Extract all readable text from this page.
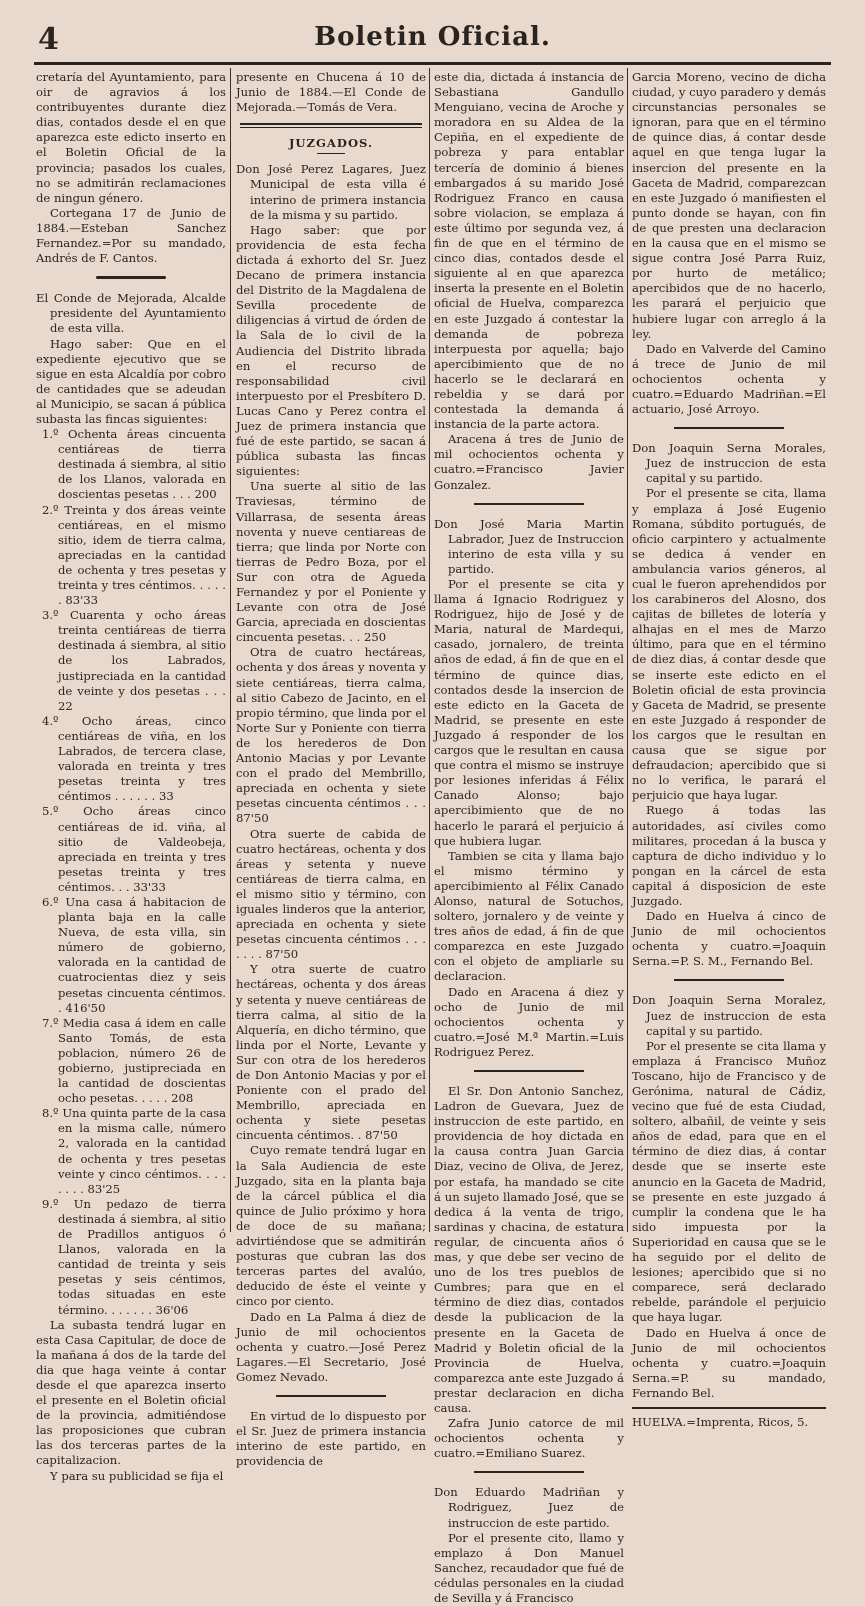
4	Boletin Oficial.

cretaría del Ayuntamiento, para oir de agravios á los contribuyentes durante diez dias, contados desde el en que aparezca este edicto inserto en el Boletin Oficial de la provincia; pasados los cuales, no se admitirán reclamaciones de ningun género.

Cortegana 17 de Junio de 1884.—Esteban Sanchez Fernandez.=Por su mandado, Andrés de F. Cantos.

El Conde de Mejorada, Alcalde presidente del Ayuntamiento de esta villa.

Hago saber: Que en el expediente ejecutivo que se sigue en esta Alcaldía por cobro de cantidades que se adeudan al Municipio, se sacan á pública subasta las fincas siguientes:

1.º Ochenta áreas cincuenta centiáreas de tierra destinada á siembra, al sitio de los Llanos, valorada en doscientas pesetas . . . 200

2.º Treinta y dos áreas veinte centiáreas, en el mismo sitio, idem de tierra calma, apreciadas en la cantidad de ochenta y tres pesetas y treinta y tres céntimos. . . . . . 83'33

3.º Cuarenta y ocho áreas treinta centiáreas de tierra destinada á siembra, al sitio de los Labrados, justipreciada en la cantidad de veinte y dos pesetas . . . 22

4.º Ocho áreas, cinco centiáreas de viña, en los Labrados, de tercera clase, valorada en treinta y tres pesetas treinta y tres céntimos . . . . . . 33

5.º Ocho áreas cinco centiáreas de id. viña, al sitio de Valdeobeja, apreciada en treinta y tres pesetas treinta y tres céntimos. . . 33'33

6.º Una casa á habitacion de planta baja en la calle Nueva, de esta villa, sin número de gobierno, valorada en la cantidad de cuatrocientas diez y seis pesetas cincuenta céntimos. . 416'50

7.º Media casa á idem en calle Santo Tomás, de esta poblacion, número 26 de gobierno, justipreciada en la cantidad de doscientas ocho pesetas. . . . . 208

8.º Una quinta parte de la casa en la misma calle, número 2, valorada en la cantidad de ochenta y tres pesetas veinte y cinco céntimos. . . . . . . . 83'25

9.º Un pedazo de tierra destinada á siembra, al sitio de Pradillos antiguos ó Llanos, valorada en la cantidad de treinta y seis pesetas y seis céntimos, todas situadas en este término. . . . . . . 36'06

La subasta tendrá lugar en esta Casa Capitular, de doce de la mañana á dos de la tarde del dia que haga veinte á contar desde el que aparezca inserto el presente en el Boletin oficial de la provincia, admitiéndose las proposiciones que cubran las dos terceras partes de la capitalizacion.

Y para su publicidad se fija el

presente en Chucena á 10 de Junio de 1884.—El Conde de Mejorada.—Tomás de Vera.

JUZGADOS.

Don José Perez Lagares, Juez Municipal de esta villa é interino de primera instancia de la misma y su partido.

Hago saber: que por providencia de esta fecha dictada á exhorto del Sr. Juez Decano de primera instancia del Distrito de la Magdalena de Sevilla procedente de diligencias á virtud de órden de la Sala de lo civil de la Audiencia del Distrito librada en el recurso de responsabilidad civil interpuesto por el Presbítero D. Lucas Cano y Perez contra el Juez de primera instancia que fué de este partido, se sacan á pública subasta las fincas siguientes:

Una suerte al sitio de las Traviesas, término de Villarrasa, de sesenta áreas noventa y nueve centiareas de tierra; que linda por Norte con tierras de Pedro Boza, por el Sur con otra de Agueda Fernandez y por el Poniente y Levante con otra de José Garcia, apreciada en doscientas cincuenta pesetas. . . 250

Otra de cuatro hectáreas, ochenta y dos áreas y noventa y siete centiáreas, tierra calma, al sitio Cabezo de Jacinto, en el propio término, que linda por el Norte Sur y Poniente con tierra de los herederos de Don Antonio Macias y por Levante con el prado del Membrillo, apreciada en ochenta y siete pesetas cincuenta céntimos . . . 87'50

Otra suerte de cabida de cuatro hectáreas, ochenta y dos áreas y setenta y nueve centiáreas de tierra calma, en el mismo sitio y término, con iguales linderos que la anterior, apreciada en ochenta y siete pesetas cincuenta céntimos . . . . . . . 87'50

Y otra suerte de cuatro hectáreas, ochenta y dos áreas y setenta y nueve centiáreas de tierra calma, al sitio de la Alquería, en dicho término, que linda por el Norte, Levante y Sur con otra de los herederos de Don Antonio Macias y por el Poniente con el prado del Membrillo, apreciada en ochenta y siete pesetas cincuenta céntimos. . 87'50

Cuyo remate tendrá lugar en la Sala Audiencia de este Juzgado, sita en la planta baja de la cárcel pública el dia quince de Julio próximo y hora de doce de su mañana; advirtiéndose que se admitirán posturas que cubran las dos terceras partes del avalúo, deducido de éste el veinte y cinco por ciento.

Dado en La Palma á diez de Junio de mil ochocientos ochenta y cuatro.—José Perez Lagares.—El Secretario, José Gomez Nevado.

En virtud de lo dispuesto por el Sr. Juez de primera instancia interino de este partido, en providencia de

este dia, dictada á instancia de Sebastiana Gandullo Menguiano, vecina de Aroche y moradora en su Aldea de la Cepiña, en el expediente de pobreza y para entablar tercería de dominio á bienes embargados á su marido José Rodriguez Franco en causa sobre violacion, se emplaza á este último por segunda vez, á fin de que en el término de cinco dias, contados desde el siguiente al en que aparezca inserta la presente en el Boletin oficial de Huelva, comparezca en este Juzgado á contestar la demanda de pobreza interpuesta por aquella; bajo apercibimiento que de no hacerlo se le declarará en rebeldia y se dará por contestada la demanda á instancia de la parte actora.

Aracena á tres de Junio de mil ochocientos ochenta y cuatro.=Francisco Javier Gonzalez.

Don José Maria Martin Labrador, Juez de Instruccion interino de esta villa y su partido.

Por el presente se cita y llama á Ignacio Rodriguez y Rodriguez, hijo de José y de Maria, natural de Mardequi, casado, jornalero, de treinta años de edad, á fin de que en el término de quince dias, contados desde la insercion de este edicto en la Gaceta de Madrid, se presente en este Juzgado á responder de los cargos que le resultan en causa que contra el mismo se instruye por lesiones inferidas á Félix Canado Alonso; bajo apercibimiento que de no hacerlo le parará el perjuicio á que hubiera lugar.

Tambien se cita y llama bajo el mismo término y apercibimiento al Félix Canado Alonso, natural de Sotuchos, soltero, jornalero y de veinte y tres años de edad, á fin de que comparezca en este Juzgado con el objeto de ampliarle su declaracion.

Dado en Aracena á diez y ocho de Junio de mil ochocientos ochenta y cuatro.=José M.ª Martin.=Luis Rodriguez Perez.

El Sr. Don Antonio Sanchez, Ladron de Guevara, Juez de instruccion de este partido, en providencia de hoy dictada en la causa contra Juan Garcia Diaz, vecino de Oliva, de Jerez, por estafa, ha mandado se cite á un sujeto llamado José, que se dedica á la venta de trigo, sardinas y chacina, de estatura regular, de cincuenta años ó mas, y que debe ser vecino de uno de los tres pueblos de Cumbres; para que en el término de diez dias, contados desde la publicacion de la presente en la Gaceta de Madrid y Boletin oficial de la Provincia de Huelva, comparezca ante este Juzgado á prestar declaracion en dicha causa.

Zafra Junio catorce de mil ochocientos ochenta y cuatro.=Emiliano Suarez.

Don Eduardo Madriñan y Rodriguez, Juez de instruccion de este partido.

Por el presente cito, llamo y emplazo á Don Manuel Sanchez, recaudador que fué de cédulas personales en la ciudad de Sevilla y á Francisco

Garcia Moreno, vecino de dicha ciudad, y cuyo paradero y demás circunstancias personales se ignoran, para que en el término de quince dias, á contar desde aquel en que tenga lugar la insercion del presente en la Gaceta de Madrid, comparezcan en este Juzgado ó manifiesten el punto donde se hayan, con fin de que presten una declaracion en la causa que en el mismo se sigue contra José Parra Ruiz, por hurto de metálico; apercibidos que de no hacerlo, les parará el perjuicio que hubiere lugar con arreglo á la ley.

Dado en Valverde del Camino á trece de Junio de mil ochocientos ochenta y cuatro.=Eduardo Madriñan.=El actuario, José Arroyo.

Don Joaquin Serna Morales, Juez de instruccion de esta capital y su partido.

Por el presente se cita, llama y emplaza á José Eugenio Romana, súbdito portugués, de oficio carpintero y actualmente se dedica á vender en ambulancia varios géneros, al cual le fueron aprehendidos por los carabineros del Alosno, dos cajitas de billetes de lotería y alhajas en el mes de Marzo último, para que en el término de diez dias, á contar desde que se inserte este edicto en el Boletin oficial de esta provincia y Gaceta de Madrid, se presente en este Juzgado á responder de los cargos que le resultan en causa que se sigue por defraudacion; apercibido que si no lo verifica, le parará el perjuicio que haya lugar.

Ruego á todas las autoridades, así civiles como militares, procedan á la busca y captura de dicho individuo y lo pongan en la cárcel de esta capital á disposicion de este Juzgado.

Dado en Huelva á cinco de Junio de mil ochocientos ochenta y cuatro.=Joaquin Serna.=P. S. M., Fernando Bel.

Don Joaquin Serna Moralez, Juez de instruccion de esta capital y su partido.

Por el presente se cita llama y emplaza á Francisco Muñoz Toscano, hijo de Francisco y de Gerónima, natural de Cádiz, vecino que fué de esta Ciudad, soltero, albañil, de veinte y seis años de edad, para que en el término de diez dias, á contar desde que se inserte este anuncio en la Gaceta de Madrid, se presente en este juzgado á cumplir la condena que le ha sido impuesta por la Superioridad en causa que se le ha seguido por el delito de lesiones; apercibido que si no comparece, será declarado rebelde, parándole el perjuicio que haya lugar.

Dado en Huelva á once de Junio de mil ochocientos ochenta y cuatro.=Joaquin Serna.=P. su mandado, Fernando Bel.

HUELVA.=Imprenta, Ricos, 5.
